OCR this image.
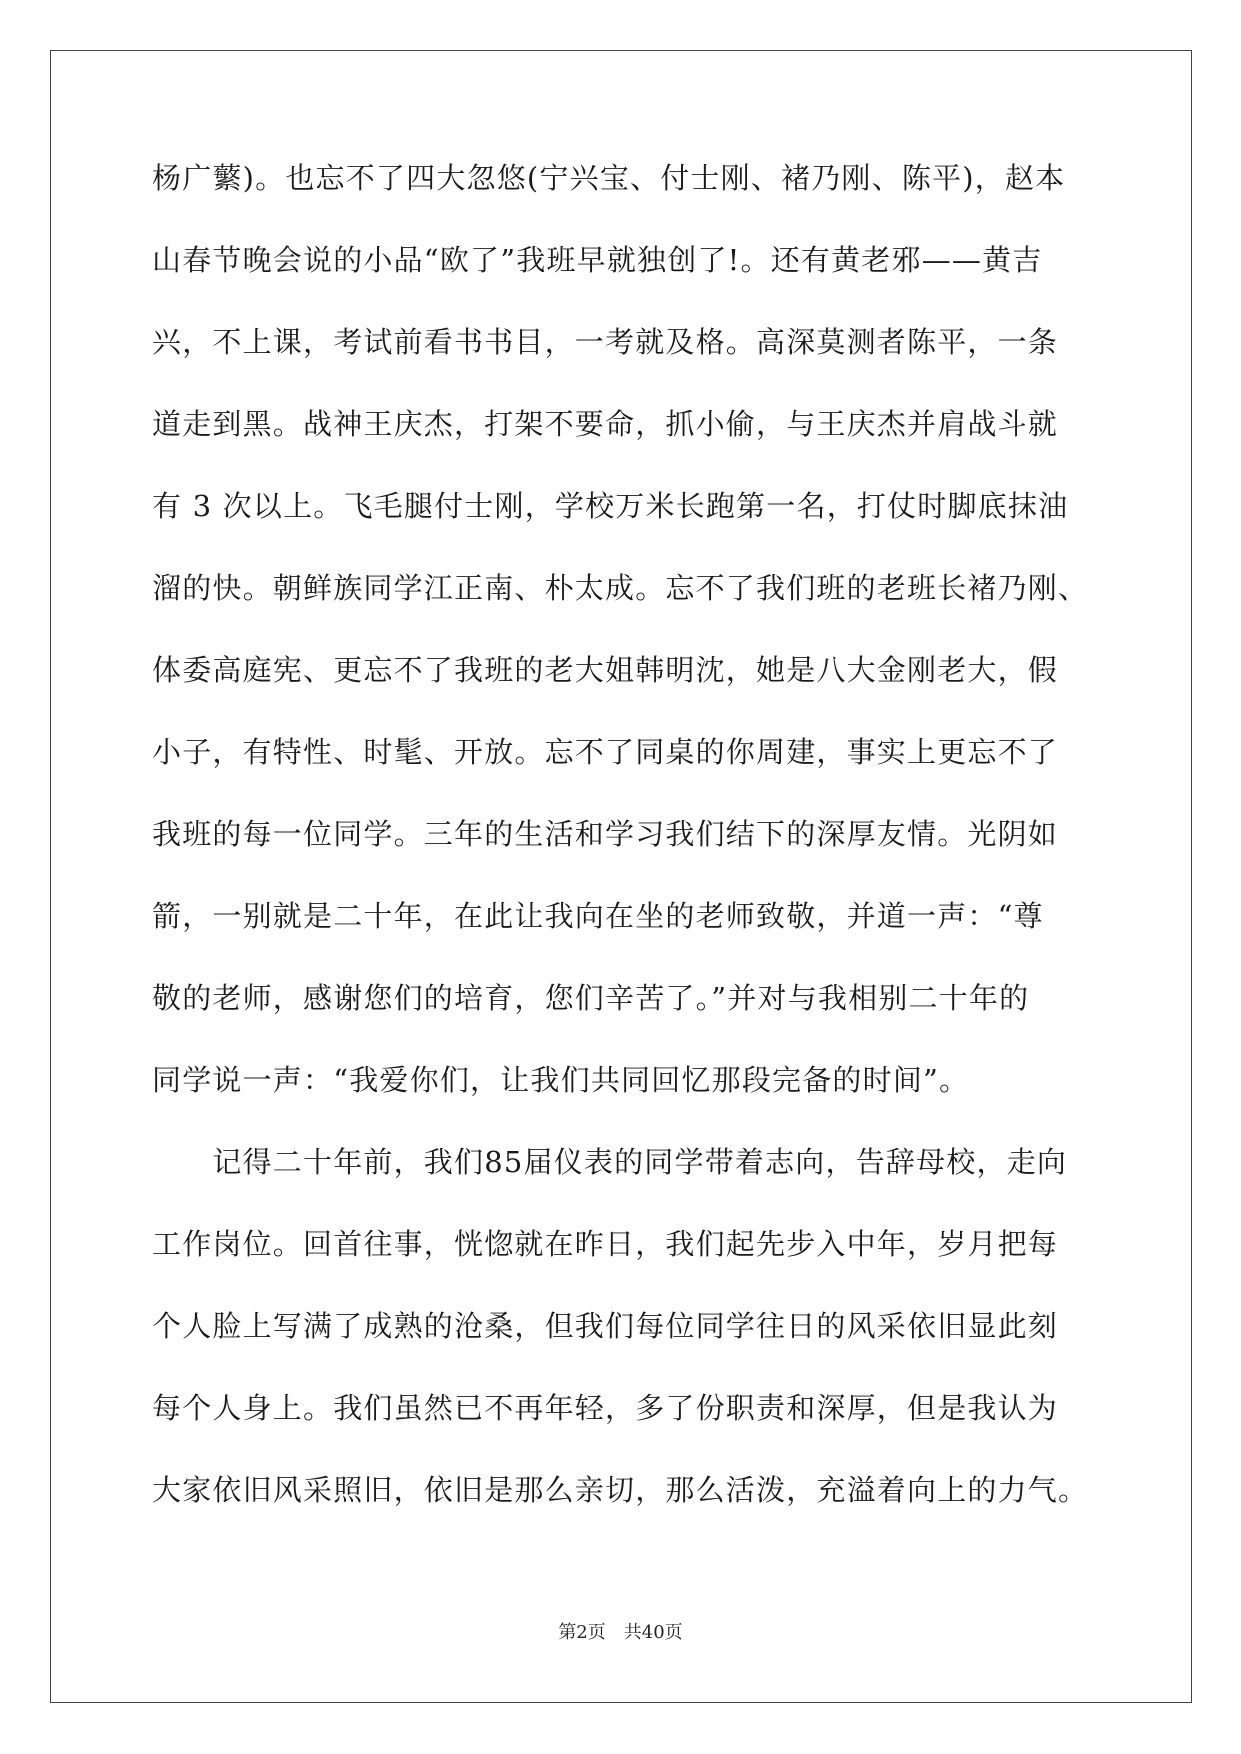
杨广蘩)。也忘不了四大忽悠(宁兴宝、付士刚、褚乃刚、陈平)，赵本
山春节晚会说的小品“欧了”我班早就独创了!。还有黄老邪——黄吉
兴，不上课，考试前看书书目，一考就及格。高深莫测者陈平，一条
道走到黑。战神王庆杰，打架不要命，抓小偷，与王庆杰并肩战斗就
有 3 次以上。飞毛腿付士刚，学校万米长跑第一名，打仗时脚底抹油
溜的快。朝鲜族同学江正南、朴太成。忘不了我们班的老班长褚乃刚、
体委高庭宪、更忘不了我班的老大姐韩明沈，她是八大金刚老大，假
小子，有特性、时髦、开放。忘不了同桌的你周建，事实上更忘不了
我班的每一位同学。三年的生活和学习我们结下的深厚友情。光阴如
箭，一别就是二十年，在此让我向在坐的老师致敬，并道一声：“尊
敬的老师，感谢您们的培育，您们辛苦了。”并对与我相别二十年的
同学说一声：“我爱你们，让我们共同回忆那段完备的时间”。
　　记得二十年前，我们85届仪表的同学带着志向，告辞母校，走向
工作岗位。回首往事，恍惚就在昨日，我们起先步入中年，岁月把每
个人脸上写满了成熟的沧桑，但我们每位同学往日的风采依旧显此刻
每个人身上。我们虽然已不再年轻，多了份职责和深厚，但是我认为
大家依旧风采照旧，依旧是那么亲切，那么活泼，充溢着向上的力气。
第2页　共40页
